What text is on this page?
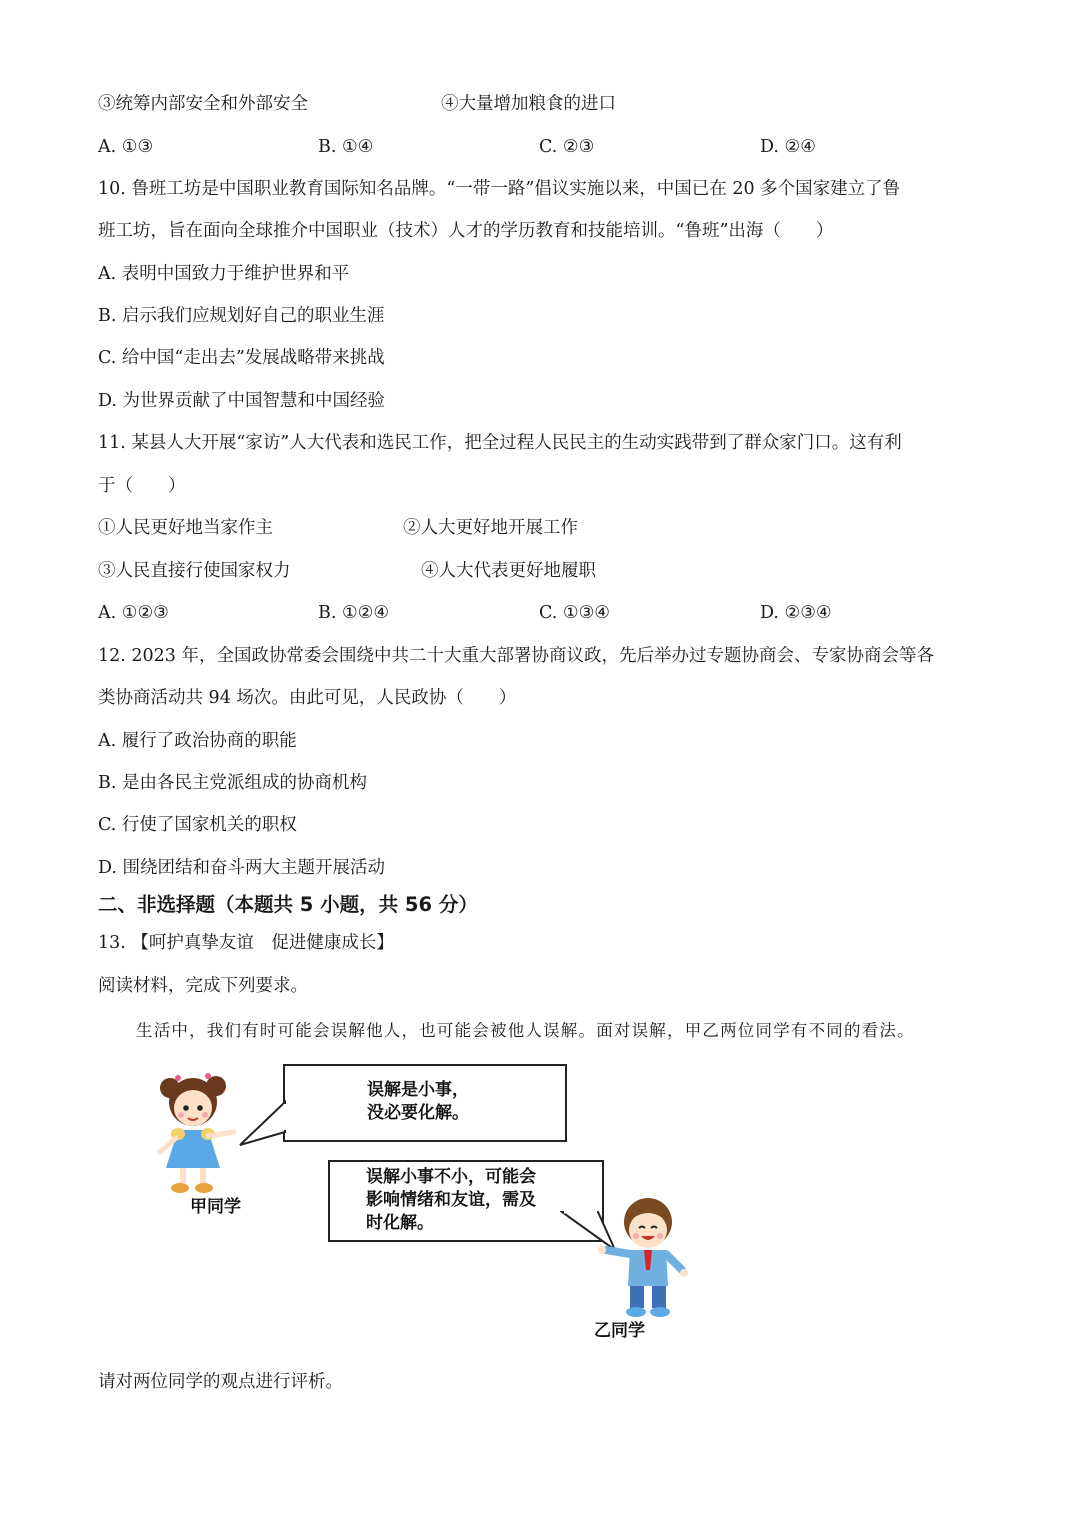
③统筹内部安全和外部安全	④大量增加粮食的进口
A. ①③	B. ①④	C. ②③	D. ②④
10. 鲁班工坊是中国职业教育国际知名品牌。“一带一路”倡议实施以来，中国已在 20 多个国家建立了鲁
班工坊，旨在面向全球推介中国职业（技术）人才的学历教育和技能培训。“鲁班”出海（　　）
A. 表明中国致力于维护世界和平
B. 启示我们应规划好自己的职业生涯
C. 给中国“走出去”发展战略带来挑战
D. 为世界贡献了中国智慧和中国经验
11. 某县人大开展“家访”人大代表和选民工作，把全过程人民民主的生动实践带到了群众家门口。这有利
于（　　）
①人民更好地当家作主	②人大更好地开展工作
③人民直接行使国家权力	④人大代表更好地履职
A. ①②③	B. ①②④	C. ①③④	D. ②③④
12. 2023 年，全国政协常委会围绕中共二十大重大部署协商议政，先后举办过专题协商会、专家协商会等各
类协商活动共 94 场次。由此可见，人民政协（　　）
A. 履行了政治协商的职能
B. 是由各民主党派组成的协商机构
C. 行使了国家机关的职权
D. 围绕团结和奋斗两大主题开展活动
二、非选择题（本题共 5 小题，共 56 分）
13. 【呵护真挚友谊　促进健康成长】
阅读材料，完成下列要求。
生活中，我们有时可能会误解他人，也可能会被他人误解。面对误解，甲乙两位同学有不同的看法。
误解是小事，
没必要化解。
误解小事不小，可能会
影响情绪和友谊，需及
时化解。
甲同学
乙同学
请对两位同学的观点进行评析。
